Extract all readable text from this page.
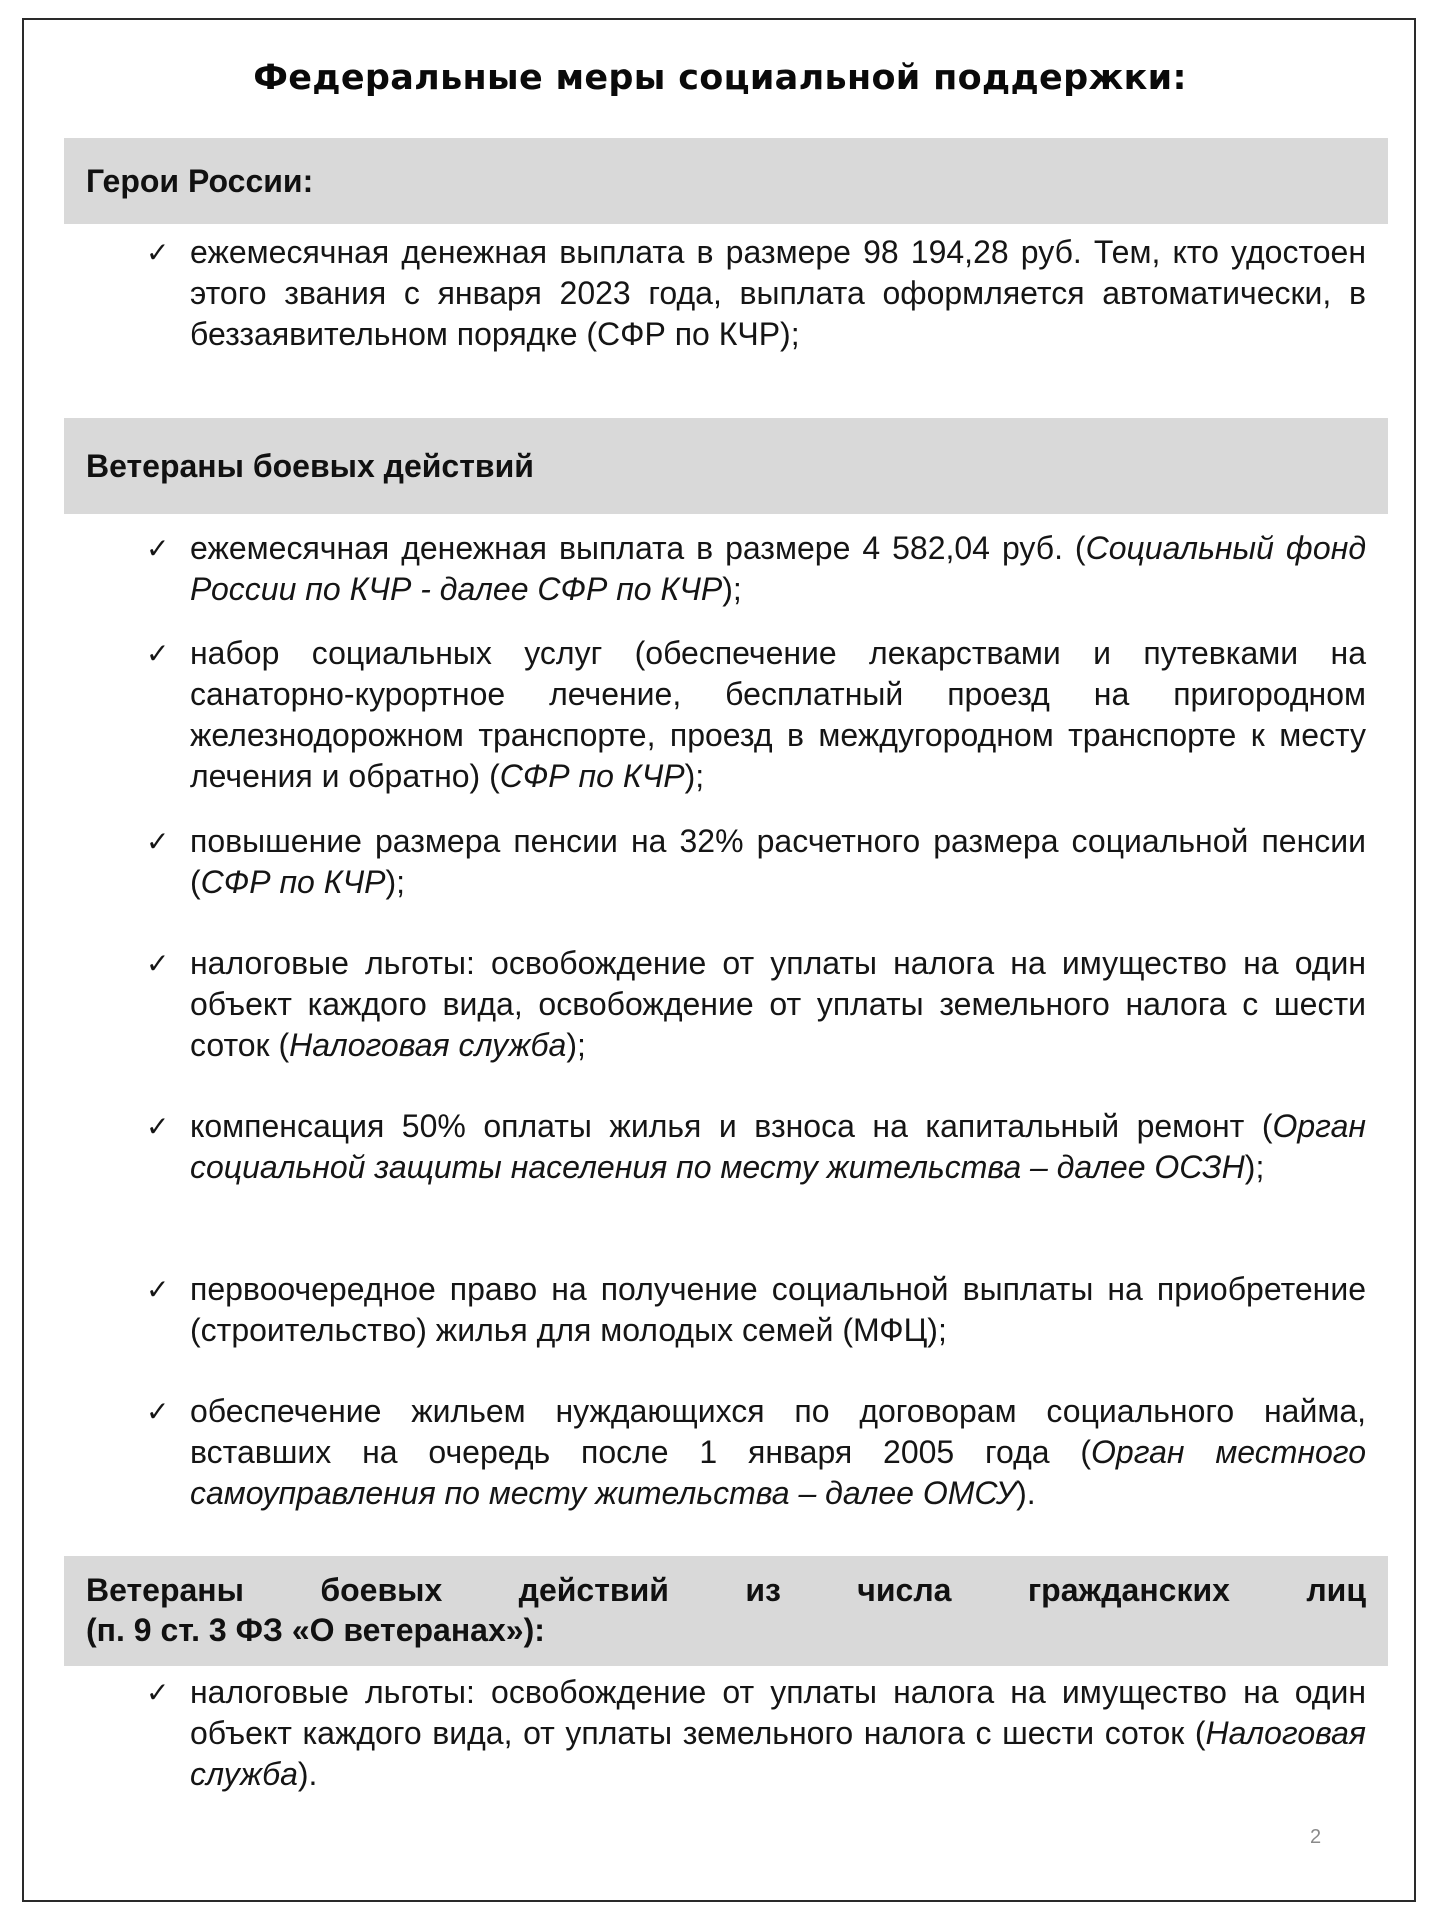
Федеральные меры социальной поддержки:
Герои России:
✓ ежемесячная денежная выплата в размере 98 194,28 руб. Тем, кто удостоен этого звания с января 2023 года, выплата оформляется автоматически, в беззаявительном порядке (СФР по КЧР);
Ветераны боевых действий
✓ ежемесячная денежная выплата в размере 4 582,04 руб. (Социальный фонд России по КЧР - далее СФР по КЧР);
✓ набор социальных услуг (обеспечение лекарствами и путевками на санаторно-курортное лечение, бесплатный проезд на пригородном железнодорожном транспорте, проезд в междугородном транспорте к месту лечения и обратно) (СФР по КЧР);
✓ повышение размера пенсии на 32% расчетного размера социальной пенсии (СФР по КЧР);
✓ налоговые льготы: освобождение от уплаты налога на имущество на один объект каждого вида, освобождение от уплаты земельного налога с шести соток (Налоговая служба);
✓ компенсация 50% оплаты жилья и взноса на капитальный ремонт (Орган социальной защиты населения по месту жительства – далее ОСЗН);
✓ первоочередное право на получение социальной выплаты на приобретение (строительство) жилья для молодых семей (МФЦ);
✓ обеспечение жильем нуждающихся по договорам социального найма, вставших на очередь после 1 января 2005 года (Орган местного самоуправления по месту жительства – далее ОМСУ).
Ветераны боевых действий из числа гражданских лиц
(п. 9 ст. 3 ФЗ «О ветеранах»):
✓ налоговые льготы: освобождение от уплаты налога на имущество на один объект каждого вида, от уплаты земельного налога с шести соток (Налоговая служба).
2
